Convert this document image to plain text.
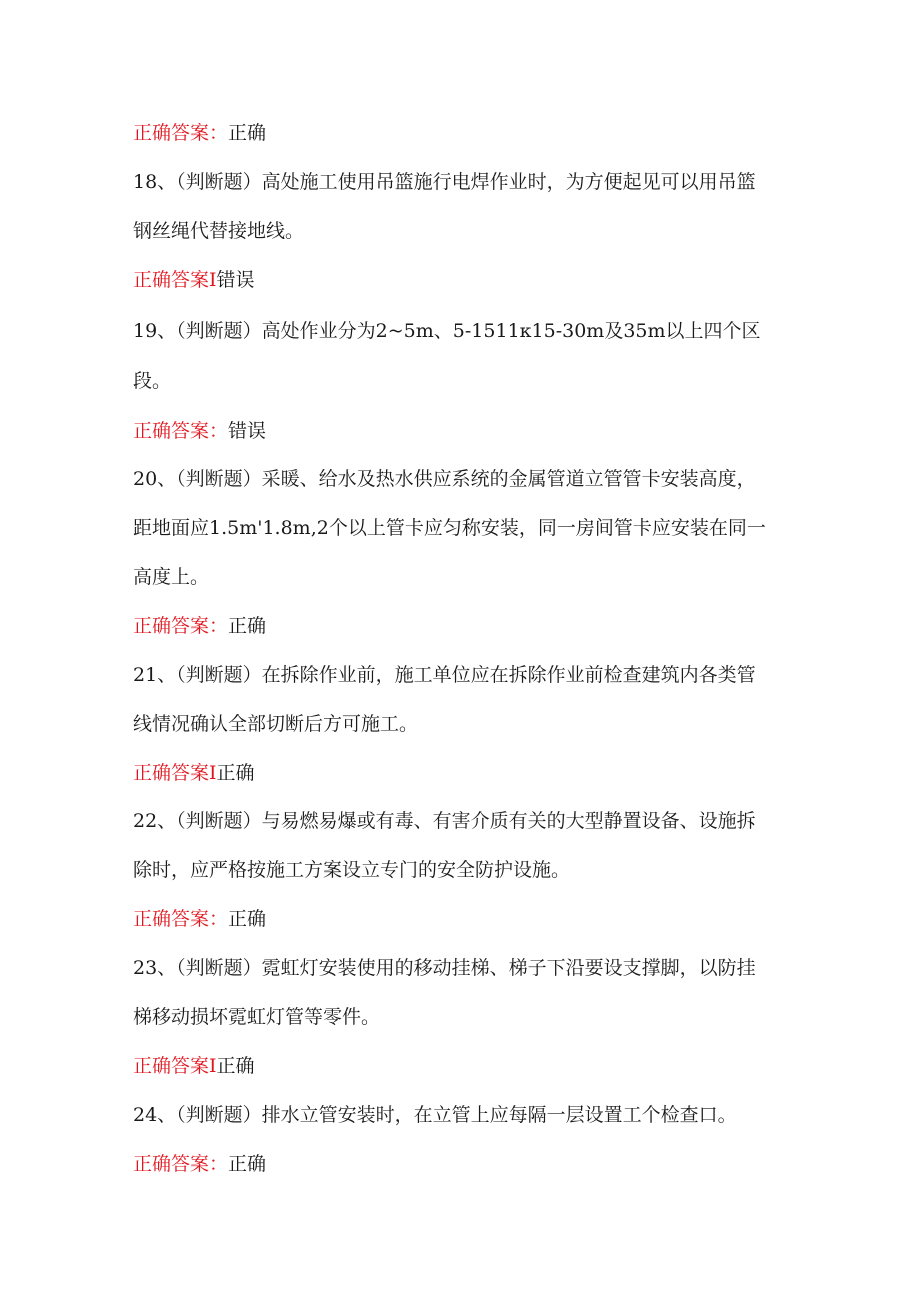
正确答案：正确
18、（判断题）高处施工使用吊篮施行电焊作业时，为方便起见可以用吊篮
钢丝绳代替接地线。
正确答案I错误
19、（判断题）高处作业分为2~5m、5-1511κ15-30m及35m以上四个区
段。
正确答案：错误
20、（判断题）采暖、给水及热水供应系统的金属管道立管管卡安装高度，
距地面应1.5m'1.8m,2个以上管卡应匀称安装，同一房间管卡应安装在同一
高度上。
正确答案：正确
21、（判断题）在拆除作业前，施工单位应在拆除作业前检查建筑内各类管
线情况确认全部切断后方可施工。
正确答案I正确
22、（判断题）与易燃易爆或有毒、有害介质有关的大型静置设备、设施拆
除时，应严格按施工方案设立专门的安全防护设施。
正确答案：正确
23、（判断题）霓虹灯安装使用的移动挂梯、梯子下沿要设支撑脚，以防挂
梯移动损坏霓虹灯管等零件。
正确答案I正确
24、（判断题）排水立管安装时，在立管上应每隔一层设置工个检查口。
正确答案：正确
